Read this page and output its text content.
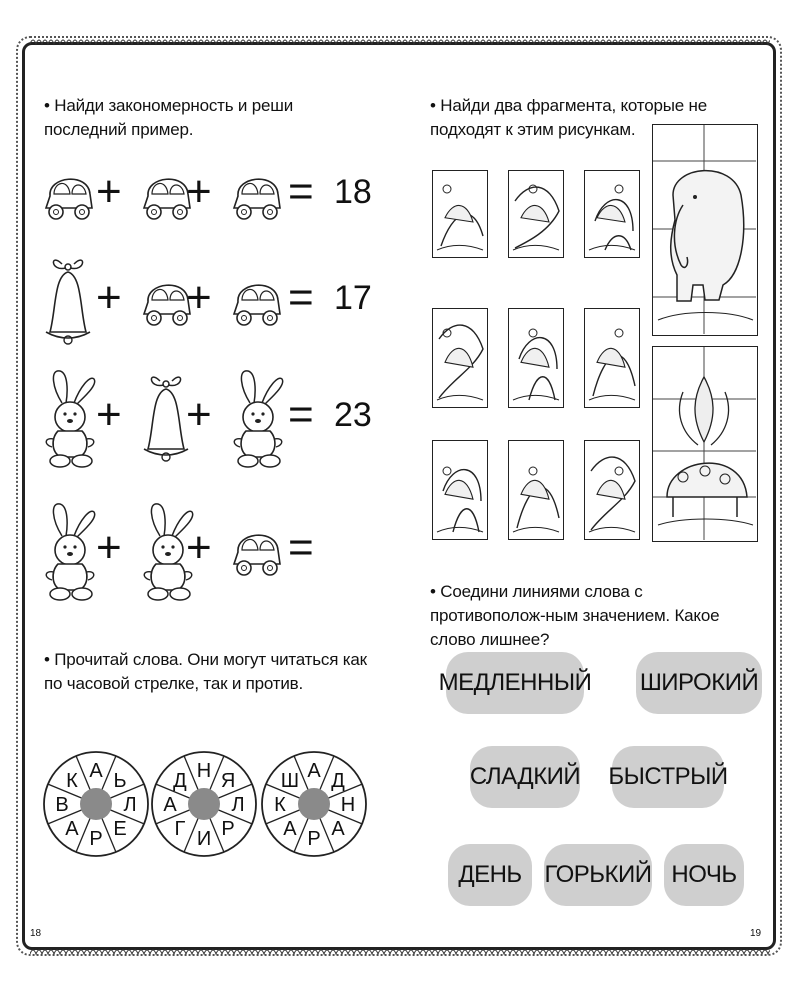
• Найди закономерность и реши последний пример.
+ + = 18
+ + = 17
+ + = 23
+ + =
• Прочитай слова. Они могут читаться как по часовой стрелке, так и против.
А Ь
Л
Е
Р
А
В
К	Н Я
Л
Р
И
Г
А
Д	А Д
Н
А
Р
А
К
Ш
18
• Найди два фрагмента, которые не подходят к этим рисункам.
• Соедини линиями слова с противополож-ным значением. Какое слово лишнее?
МЕДЛЕННЫЙ ШИРОКИЙ
СЛАДКИЙ БЫСТРЫЙ
ДЕНЬ ГОРЬКИЙ НОЧЬ
19
